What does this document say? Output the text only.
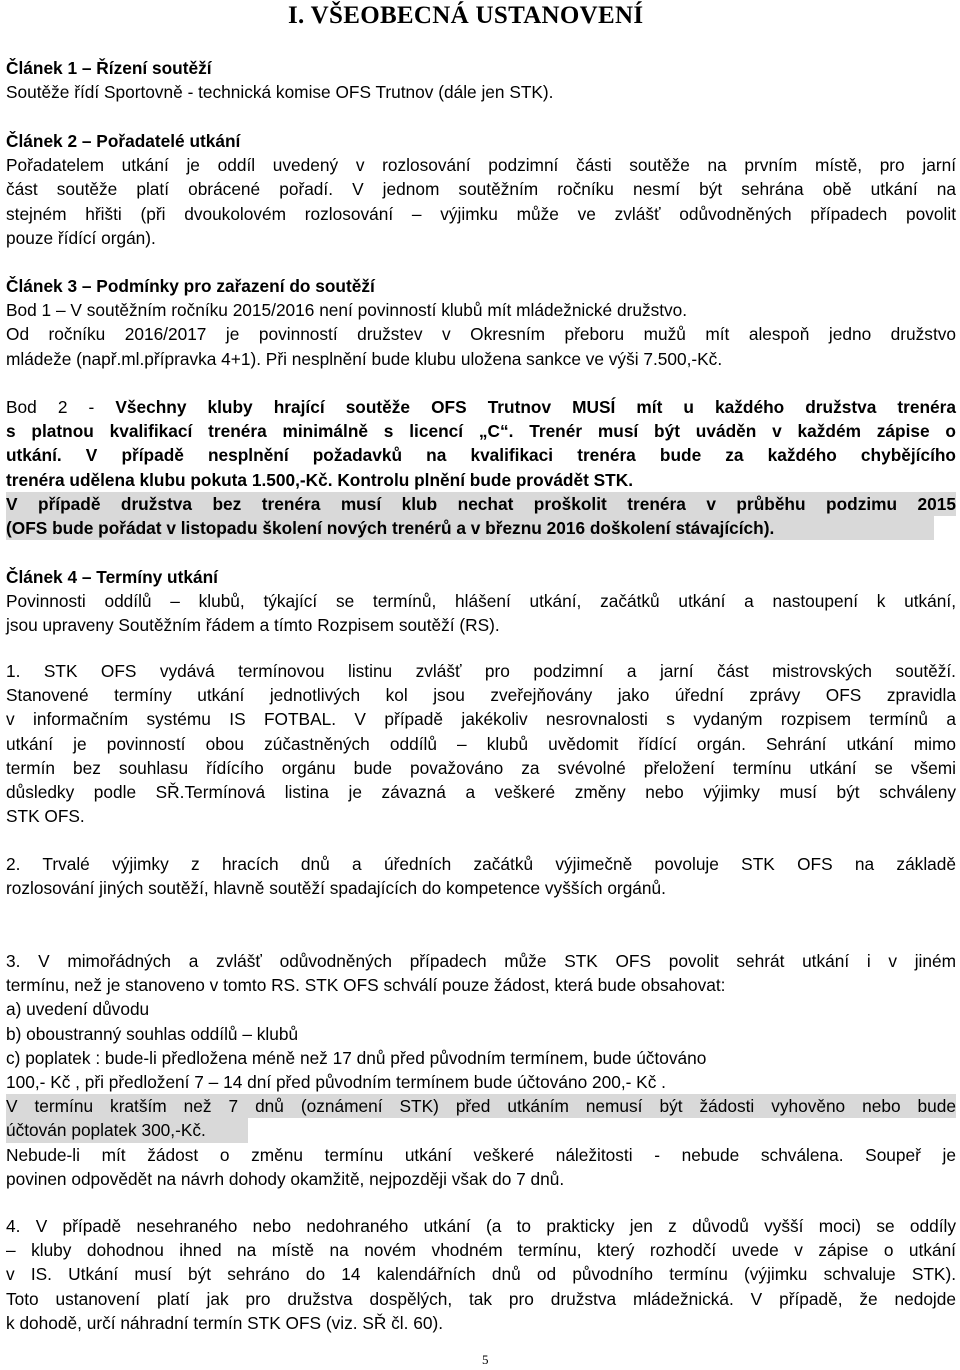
I. VŠEOBECNÁ USTANOVENÍ
Článek 1 – Řízení soutěží
Soutěže řídí Sportovně - technická komise OFS Trutnov (dále jen STK).
Článek 2 – Pořadatelé utkání
Pořadatelem utkání je oddíl uvedený v rozlosování podzimní části soutěže na prvním místě, pro jarní
část soutěže platí obrácené pořadí. V jednom soutěžním ročníku nesmí být sehrána obě utkání na
stejném hřišti (při dvoukolovém rozlosování – výjimku může ve zvlášť odůvodněných případech povolit
pouze řídící orgán).
Článek 3 – Podmínky pro zařazení do soutěží
Bod 1 – V soutěžním ročníku 2015/2016 není povinností klubů mít mládežnické družstvo.
Od ročníku 2016/2017 je povinností družstev v Okresním přeboru mužů mít alespoň jedno družstvo
mládeže (např.ml.přípravka 4+1). Při nesplnění bude klubu uložena sankce ve výši 7.500,-Kč.
Bod 2 - Všechny kluby hrající soutěže OFS Trutnov MUSÍ mít u každého družstva trenéra
s platnou kvalifikací trenéra minimálně s licencí „C“. Trenér musí být uváděn v každém zápise o
utkání. V případě nesplnění požadavků na kvalifikaci trenéra bude za každého chybějícího
trenéra udělena klubu pokuta 1.500,-Kč. Kontrolu plnění bude provádět STK.
V případě družstva bez trenéra musí klub nechat proškolit trenéra v průběhu podzimu 2015
(OFS bude pořádat v listopadu školení nových trenérů a v březnu 2016 doškolení stávajících).
Článek 4 – Termíny utkání
Povinnosti oddílů – klubů, týkající se termínů, hlášení utkání, začátků utkání a nastoupení k utkání,
jsou upraveny Soutěžním řádem a tímto Rozpisem soutěží (RS).
1. STK OFS vydává termínovou listinu zvlášť pro podzimní a jarní část mistrovských soutěží.
Stanovené termíny utkání jednotlivých kol jsou zveřejňovány jako úřední zprávy OFS zpravidla
v informačním systému IS FOTBAL. V případě jakékoliv nesrovnalosti s vydaným rozpisem termínů a
utkání je povinností obou zúčastněných oddílů – klubů uvědomit řídící orgán. Sehrání utkání mimo
termín bez souhlasu řídícího orgánu bude považováno za svévolné přeložení termínu utkání se všemi
důsledky podle SŘ.Termínová listina je závazná a veškeré změny nebo výjimky musí být schváleny
STK OFS.
2. Trvalé výjimky z hracích dnů a úředních začátků výjimečně povoluje STK OFS na základě
rozlosování jiných soutěží, hlavně soutěží spadajících do kompetence vyšších orgánů.
3. V mimořádných a zvlášť odůvodněných případech může STK OFS povolit sehrát utkání i v jiném
termínu, než je stanoveno v tomto RS. STK OFS schválí pouze žádost, která bude obsahovat:
a) uvedení důvodu
b) oboustranný souhlas oddílů – klubů
c) poplatek : bude-li předložena méně než 17 dnů před původním termínem, bude účtováno
100,- Kč , při předložení 7 – 14 dní před původním termínem bude účtováno 200,- Kč .
V termínu kratším než 7 dnů (oznámení STK) před utkáním nemusí být žádosti vyhověno nebo bude
účtován poplatek 300,-Kč.
Nebude-li mít žádost o změnu termínu utkání veškeré náležitosti - nebude schválena. Soupeř je
povinen odpovědět na návrh dohody okamžitě, nejpozději však do 7 dnů.
4. V případě nesehraného nebo nedohraného utkání (a to prakticky jen z důvodů vyšší moci) se oddíly
– kluby dohodnou ihned na místě na novém vhodném termínu, který rozhodčí uvede v zápise o utkání
v IS. Utkání musí být sehráno do 14 kalendářních dnů od původního termínu (výjimku schvaluje STK).
Toto ustanovení platí jak pro družstva dospělých, tak pro družstva mládežnická. V případě, že nedojde
k dohodě, určí náhradní termín STK OFS (viz. SŘ čl. 60).
5
